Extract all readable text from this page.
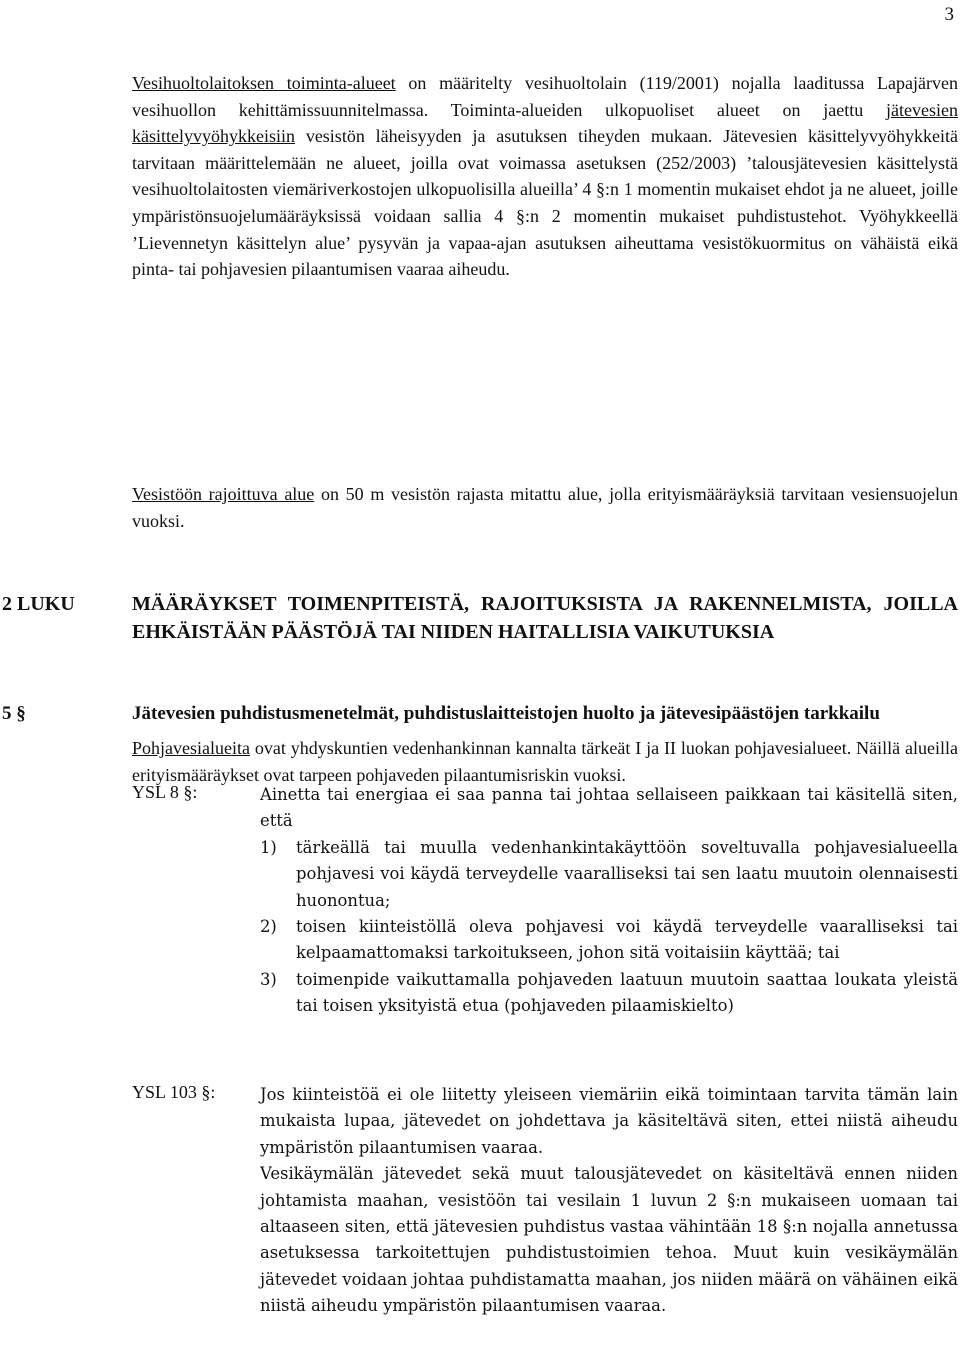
3

Vesihuoltolaitoksen toiminta-alueet on määritelty vesihuoltolain (119/2001) nojalla laaditussa Lapajärven vesihuollon kehittämissuunnitelmassa. Toiminta-alueiden ulkopuoliset alueet on jaettu jätevesien käsittelyvyöhykkeisiin vesistön läheisyyden ja asutuksen tiheyden mukaan. Jätevesien käsittelyvyöhykkeitä tarvitaan määrittelemään ne alueet, joilla ovat voimassa asetuksen (252/2003) ’talousjätevesien käsittelystä vesihuoltolaitosten viemäriverkostojen ulkopuolisilla alueilla’ 4 §:n 1 momentin mukaiset ehdot ja ne alueet, joille ympäristönsuojelumääräyksissä voidaan sallia 4 §:n 2 momentin mukaiset puhdistustehot. Vyöhykkeellä ’Lievennetyn käsittelyn alue’ pysyvän ja vapaa-ajan asutuksen aiheuttama vesistökuormitus on vähäistä eikä pinta- tai pohjavesien pilaantumisen vaaraa aiheudu.

Pohjavesialueita ovat yhdyskuntien vedenhankinnan kannalta tärkeät I ja II luokan pohjavesialueet. Näillä alueilla erityismääräykset ovat tarpeen pohjaveden pilaantumisriskin vuoksi.

Vesistöön rajoittuva alue on 50 m vesistön rajasta mitattu alue, jolla erityismääräyksiä tarvitaan vesiensuojelun vuoksi.

2 LUKU	MÄÄRÄYKSET TOIMENPITEISTÄ, RAJOITUKSISTA JA RAKENNELMISTA, JOILLA EHKÄISTÄÄN PÄÄSTÖJÄ TAI NIIDEN HAITALLISIA VAIKUTUKSIA
5 §	Jätevesien puhdistusmenetelmät, puhdistuslaitteistojen huolto ja jätevesipäästöjen tarkkailu
YSL 8 §:	Ainetta tai energiaa ei saa panna tai johtaa sellaiseen paikkaan tai käsitellä siten, että

1) tärkeällä tai muulla vedenhankintakäyttöön soveltuvalla pohjavesialueella pohjavesi voi käydä terveydelle vaaralliseksi tai sen laatu muutoin olennaisesti huonontua;
2) toisen kiinteistöllä oleva pohjavesi voi käydä terveydelle vaaralliseksi tai kelpaamattomaksi tarkoitukseen, johon sitä voitaisiin käyttää; tai
3) toimenpide vaikuttamalla pohjaveden laatuun muutoin saattaa loukata yleistä tai toisen yksityistä etua (pohjaveden pilaamiskielto)
YSL 103 §:	Jos kiinteistöä ei ole liitetty yleiseen viemäriin eikä toimintaan tarvita tämän lain mukaista lupaa, jätevedet on johdettava ja käsiteltävä siten, ettei niistä aiheudu ympäristön pilaantumisen vaaraa.

Vesikäymälän jätevedet sekä muut talousjätevedet on käsiteltävä ennen niiden johtamista maahan, vesistöön tai vesilain 1 luvun 2 §:n mukaiseen uomaan tai altaaseen siten, että jätevesien puhdistus vastaa vähintään 18 §:n nojalla annetussa asetuksessa tarkoitettujen puhdistustoimien tehoa. Muut kuin vesikäymälän jätevedet voidaan johtaa puhdistamatta maahan, jos niiden määrä on vähäinen eikä niistä aiheudu ympäristön pilaantumisen vaaraa.
